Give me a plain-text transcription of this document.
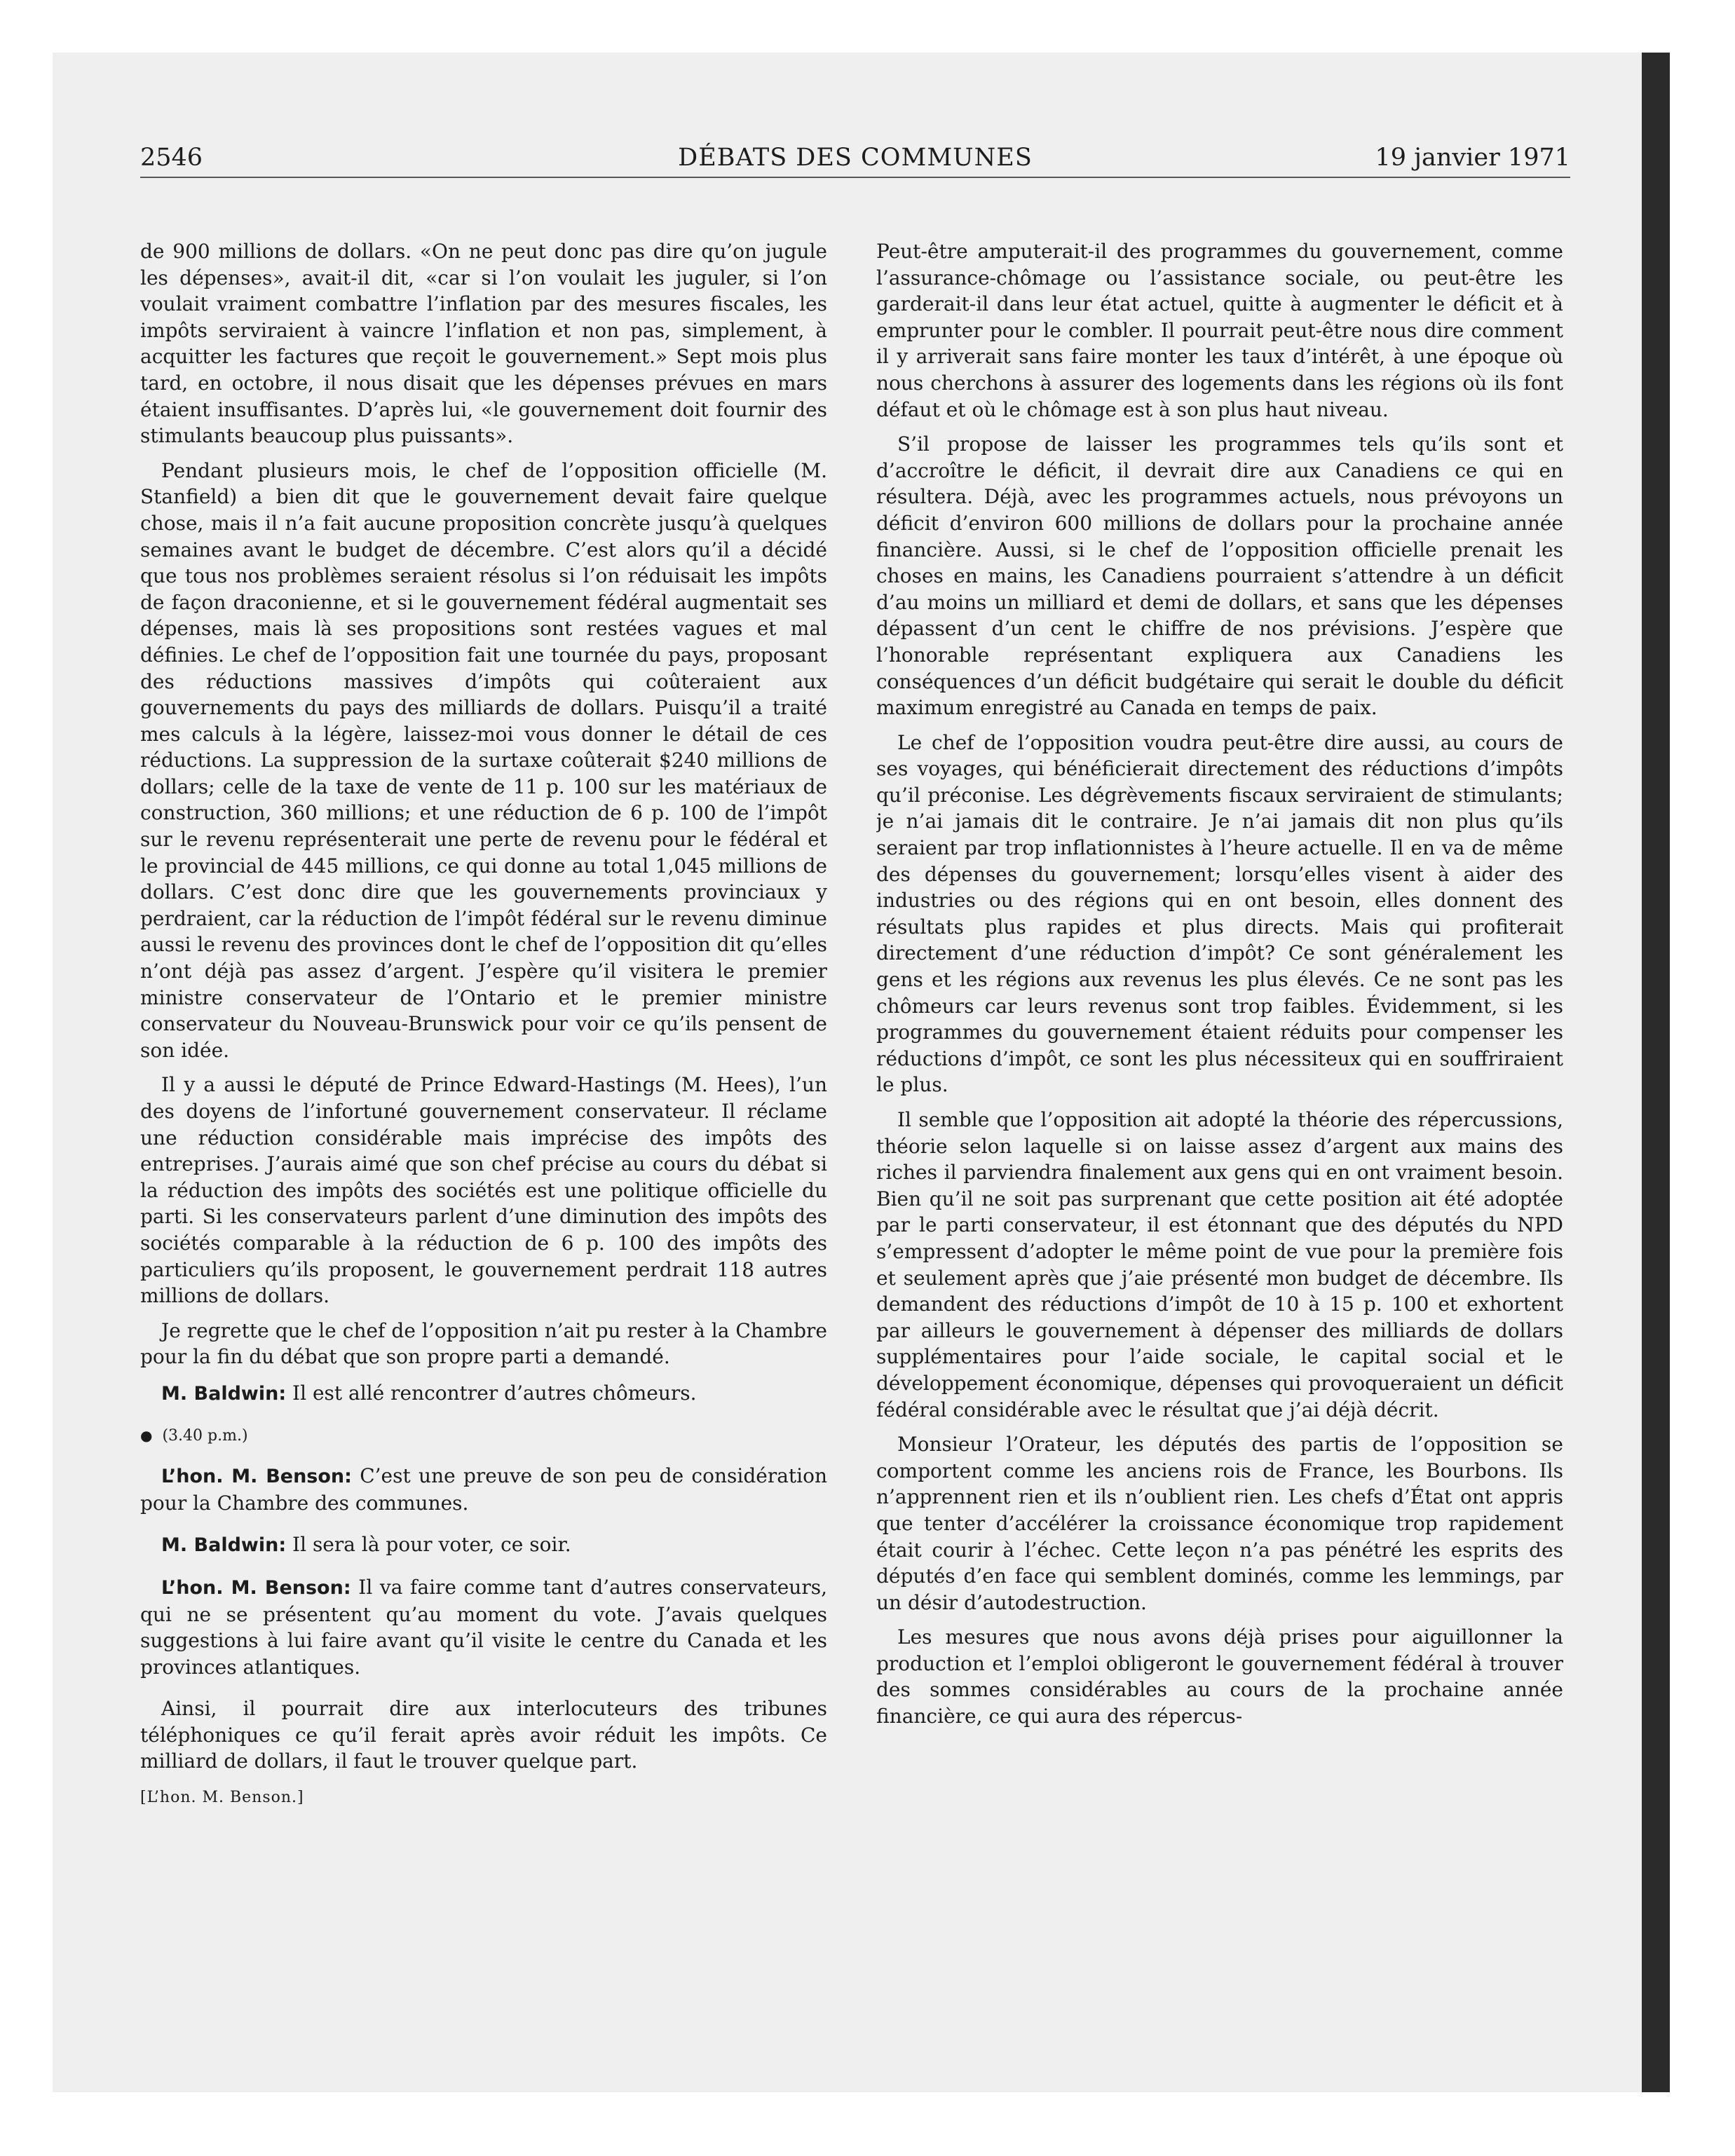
2546	DÉBATS DES COMMUNES	19 janvier 1971

de 900 millions de dollars. «On ne peut donc pas dire qu’on jugule les dépenses», avait-il dit, «car si l’on voulait les juguler, si l’on voulait vraiment combattre l’inflation par des mesures fiscales, les impôts serviraient à vaincre l’inflation et non pas, simplement, à acquitter les factures que reçoit le gouvernement.» Sept mois plus tard, en octobre, il nous disait que les dépenses prévues en mars étaient insuffisantes. D’après lui, «le gouvernement doit fournir des stimulants beaucoup plus puissants».

Pendant plusieurs mois, le chef de l’opposition officielle (M. Stanfield) a bien dit que le gouvernement devait faire quelque chose, mais il n’a fait aucune proposition concrète jusqu’à quelques semaines avant le budget de décembre. C’est alors qu’il a décidé que tous nos problèmes seraient résolus si l’on réduisait les impôts de façon draconienne, et si le gouvernement fédéral augmentait ses dépenses, mais là ses propositions sont restées vagues et mal définies. Le chef de l’opposition fait une tournée du pays, proposant des réductions massives d’impôts qui coûteraient aux gouvernements du pays des milliards de dollars. Puisqu’il a traité mes calculs à la légère, laissez-moi vous donner le détail de ces réductions. La suppression de la surtaxe coûterait $240 millions de dollars; celle de la taxe de vente de 11 p. 100 sur les matériaux de construction, 360 millions; et une réduction de 6 p. 100 de l’impôt sur le revenu représenterait une perte de revenu pour le fédéral et le provincial de 445 millions, ce qui donne au total 1,045 millions de dollars. C’est donc dire que les gouvernements provinciaux y perdraient, car la réduction de l’impôt fédéral sur le revenu diminue aussi le revenu des provinces dont le chef de l’opposition dit qu’elles n’ont déjà pas assez d’argent. J’espère qu’il visitera le premier ministre conservateur de l’Ontario et le premier ministre conservateur du Nouveau-Brunswick pour voir ce qu’ils pensent de son idée.

Il y a aussi le député de Prince Edward-Hastings (M. Hees), l’un des doyens de l’infortuné gouvernement conservateur. Il réclame une réduction considérable mais imprécise des impôts des entreprises. J’aurais aimé que son chef précise au cours du débat si la réduction des impôts des sociétés est une politique officielle du parti. Si les conservateurs parlent d’une diminution des impôts des sociétés comparable à la réduction de 6 p. 100 des impôts des particuliers qu’ils proposent, le gouvernement perdrait 118 autres millions de dollars.

Je regrette que le chef de l’opposition n’ait pu rester à la Chambre pour la fin du débat que son propre parti a demandé.

M. Baldwin: Il est allé rencontrer d’autres chômeurs.

● (3.40 p.m.)

L’hon. M. Benson: C’est une preuve de son peu de considération pour la Chambre des communes.

M. Baldwin: Il sera là pour voter, ce soir.

L’hon. M. Benson: Il va faire comme tant d’autres conservateurs, qui ne se présentent qu’au moment du vote. J’avais quelques suggestions à lui faire avant qu’il visite le centre du Canada et les provinces atlantiques.

Ainsi, il pourrait dire aux interlocuteurs des tribunes téléphoniques ce qu’il ferait après avoir réduit les impôts. Ce milliard de dollars, il faut le trouver quelque part.

[L’hon. M. Benson.]

Peut-être amputerait-il des programmes du gouvernement, comme l’assurance-chômage ou l’assistance sociale, ou peut-être les garderait-il dans leur état actuel, quitte à augmenter le déficit et à emprunter pour le combler. Il pourrait peut-être nous dire comment il y arriverait sans faire monter les taux d’intérêt, à une époque où nous cherchons à assurer des logements dans les régions où ils font défaut et où le chômage est à son plus haut niveau.

S’il propose de laisser les programmes tels qu’ils sont et d’accroître le déficit, il devrait dire aux Canadiens ce qui en résultera. Déjà, avec les programmes actuels, nous prévoyons un déficit d’environ 600 millions de dollars pour la prochaine année financière. Aussi, si le chef de l’opposition officielle prenait les choses en mains, les Canadiens pourraient s’attendre à un déficit d’au moins un milliard et demi de dollars, et sans que les dépenses dépassent d’un cent le chiffre de nos prévisions. J’espère que l’honorable représentant expliquera aux Canadiens les conséquences d’un déficit budgétaire qui serait le double du déficit maximum enregistré au Canada en temps de paix.

Le chef de l’opposition voudra peut-être dire aussi, au cours de ses voyages, qui bénéficierait directement des réductions d’impôts qu’il préconise. Les dégrèvements fiscaux serviraient de stimulants; je n’ai jamais dit le contraire. Je n’ai jamais dit non plus qu’ils seraient par trop inflationnistes à l’heure actuelle. Il en va de même des dépenses du gouvernement; lorsqu’elles visent à aider des industries ou des régions qui en ont besoin, elles donnent des résultats plus rapides et plus directs. Mais qui profiterait directement d’une réduction d’impôt? Ce sont généralement les gens et les régions aux revenus les plus élevés. Ce ne sont pas les chômeurs car leurs revenus sont trop faibles. Évidemment, si les programmes du gouvernement étaient réduits pour compenser les réductions d’impôt, ce sont les plus nécessiteux qui en souffriraient le plus.

Il semble que l’opposition ait adopté la théorie des répercussions, théorie selon laquelle si on laisse assez d’argent aux mains des riches il parviendra finalement aux gens qui en ont vraiment besoin. Bien qu’il ne soit pas surprenant que cette position ait été adoptée par le parti conservateur, il est étonnant que des députés du NPD s’empressent d’adopter le même point de vue pour la première fois et seulement après que j’aie présenté mon budget de décembre. Ils demandent des réductions d’impôt de 10 à 15 p. 100 et exhortent par ailleurs le gouvernement à dépenser des milliards de dollars supplémentaires pour l’aide sociale, le capital social et le développement économique, dépenses qui provoqueraient un déficit fédéral considérable avec le résultat que j’ai déjà décrit.

Monsieur l’Orateur, les députés des partis de l’opposition se comportent comme les anciens rois de France, les Bourbons. Ils n’apprennent rien et ils n’oublient rien. Les chefs d’État ont appris que tenter d’accélérer la croissance économique trop rapidement était courir à l’échec. Cette leçon n’a pas pénétré les esprits des députés d’en face qui semblent dominés, comme les lemmings, par un désir d’autodestruction.

Les mesures que nous avons déjà prises pour aiguillonner la production et l’emploi obligeront le gouvernement fédéral à trouver des sommes considérables au cours de la prochaine année financière, ce qui aura des répercus-
